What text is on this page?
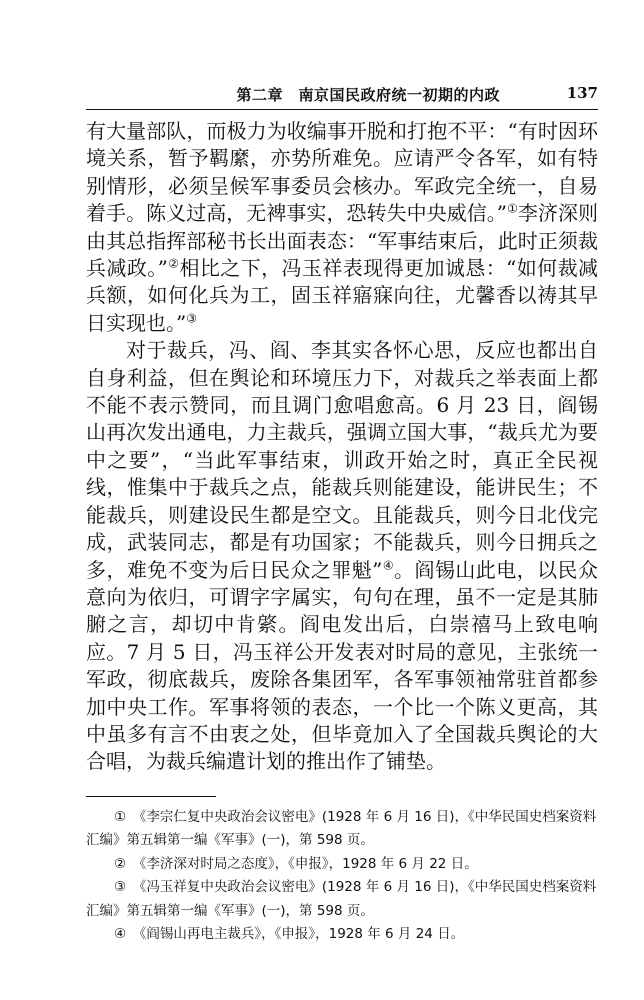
第二章　南京国民政府统一初期的内政	137

有大量部队，而极力为收编事开脱和打抱不平：“有时因环境关系，暂予羁縻，亦势所难免。应请严令各军，如有特别情形，必须呈候军事委员会核办。军政完全统一，自易着手。陈义过高，无裨事实，恐转失中央威信。”①李济深则由其总指挥部秘书长出面表态：“军事结束后，此时正须裁兵减政。”②相比之下，冯玉祥表现得更加诚恳：“如何裁减兵额，如何化兵为工，固玉祥寤寐向往，尤馨香以祷其早日实现也。”③

对于裁兵，冯、阎、李其实各怀心思，反应也都出自自身利益，但在舆论和环境压力下，对裁兵之举表面上都不能不表示赞同，而且调门愈唱愈高。6 月 23 日，阎锡山再次发出通电，力主裁兵，强调立国大事，“裁兵尤为要中之要”，“当此军事结束，训政开始之时，真正全民视线，惟集中于裁兵之点，能裁兵则能建设，能讲民生；不能裁兵，则建设民生都是空文。且能裁兵，则今日北伐完成，武装同志，都是有功国家；不能裁兵，则今日拥兵之多，难免不变为后日民众之罪魁”④。阎锡山此电，以民众意向为依归，可谓字字属实，句句在理，虽不一定是其肺腑之言，却切中肯綮。阎电发出后，白崇禧马上致电响应。7 月 5 日，冯玉祥公开发表对时局的意见，主张统一军政，彻底裁兵，废除各集团军，各军事领袖常驻首都参加中央工作。军事将领的表态，一个比一个陈义更高，其中虽多有言不由衷之处，但毕竟加入了全国裁兵舆论的大合唱，为裁兵编遣计划的推出作了铺垫。

①　 《李宗仁复中央政治会议密电》(1928 年 6 月 16 日)，《中华民国史档案资料汇编》第五辑第一编《军事》(一)，第 598 页。

②　 《李济深对时局之态度》，《申报》，1928 年 6 月 22 日。

③　 《冯玉祥复中央政治会议密电》(1928 年 6 月 16 日)，《中华民国史档案资料汇编》第五辑第一编《军事》(一)，第 598 页。

④　 《阎锡山再电主裁兵》，《申报》，1928 年 6 月 24 日。
